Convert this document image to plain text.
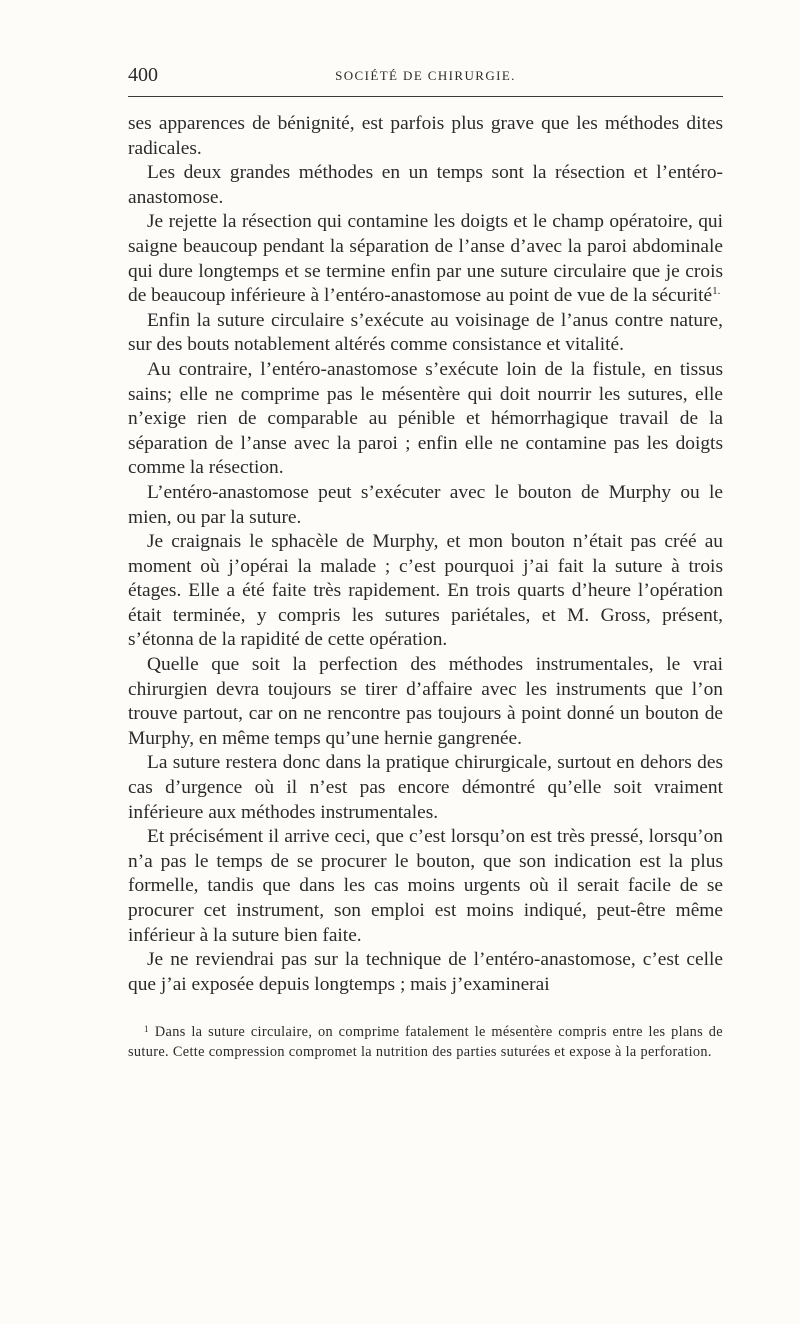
400	SOCIÉTÉ DE CHIRURGIE.

ses apparences de bénignité, est parfois plus grave que les méthodes dites radicales.

Les deux grandes méthodes en un temps sont la résection et l’entéro-anastomose.

Je rejette la résection qui contamine les doigts et le champ opératoire, qui saigne beaucoup pendant la séparation de l’anse d’avec la paroi abdominale qui dure longtemps et se termine enfin par une suture circulaire que je crois de beaucoup inférieure à l’entéro-anastomose au point de vue de la sécurité$^{1.}$

Enfin la suture circulaire s’exécute au voisinage de l’anus contre nature, sur des bouts notablement altérés comme consistance et vitalité.

Au contraire, l’entéro-anastomose s’exécute loin de la fistule, en tissus sains; elle ne comprime pas le mésentère qui doit nourrir les sutures, elle n’exige rien de comparable au pénible et hémorrhagique travail de la séparation de l’anse avec la paroi ; enfin elle ne contamine pas les doigts comme la résection.

L’entéro-anastomose peut s’exécuter avec le bouton de Murphy ou le mien, ou par la suture.

Je craignais le sphacèle de Murphy, et mon bouton n’était pas créé au moment où j’opérai la malade ; c’est pourquoi j’ai fait la suture à trois étages. Elle a été faite très rapidement. En trois quarts d’heure l’opération était terminée, y compris les sutures pariétales, et M. Gross, présent, s’étonna de la rapidité de cette opération.

Quelle que soit la perfection des méthodes instrumentales, le vrai chirurgien devra toujours se tirer d’affaire avec les instruments que l’on trouve partout, car on ne rencontre pas toujours à point donné un bouton de Murphy, en même temps qu’une hernie gangrenée.

La suture restera donc dans la pratique chirurgicale, surtout en dehors des cas d’urgence où il n’est pas encore démontré qu’elle soit vraiment inférieure aux méthodes instrumentales.

Et précisément il arrive ceci, que c’est lorsqu’on est très pressé, lorsqu’on n’a pas le temps de se procurer le bouton, que son indication est la plus formelle, tandis que dans les cas moins urgents où il serait facile de se procurer cet instrument, son emploi est moins indiqué, peut-être même inférieur à la suture bien faite.

Je ne reviendrai pas sur la technique de l’entéro-anastomose, c’est celle que j’ai exposée depuis longtemps ; mais j’examinerai

$^1$ Dans la suture circulaire, on comprime fatalement le mésentère compris entre les plans de suture. Cette compression compromet la nutrition des parties suturées et expose à la perforation.
